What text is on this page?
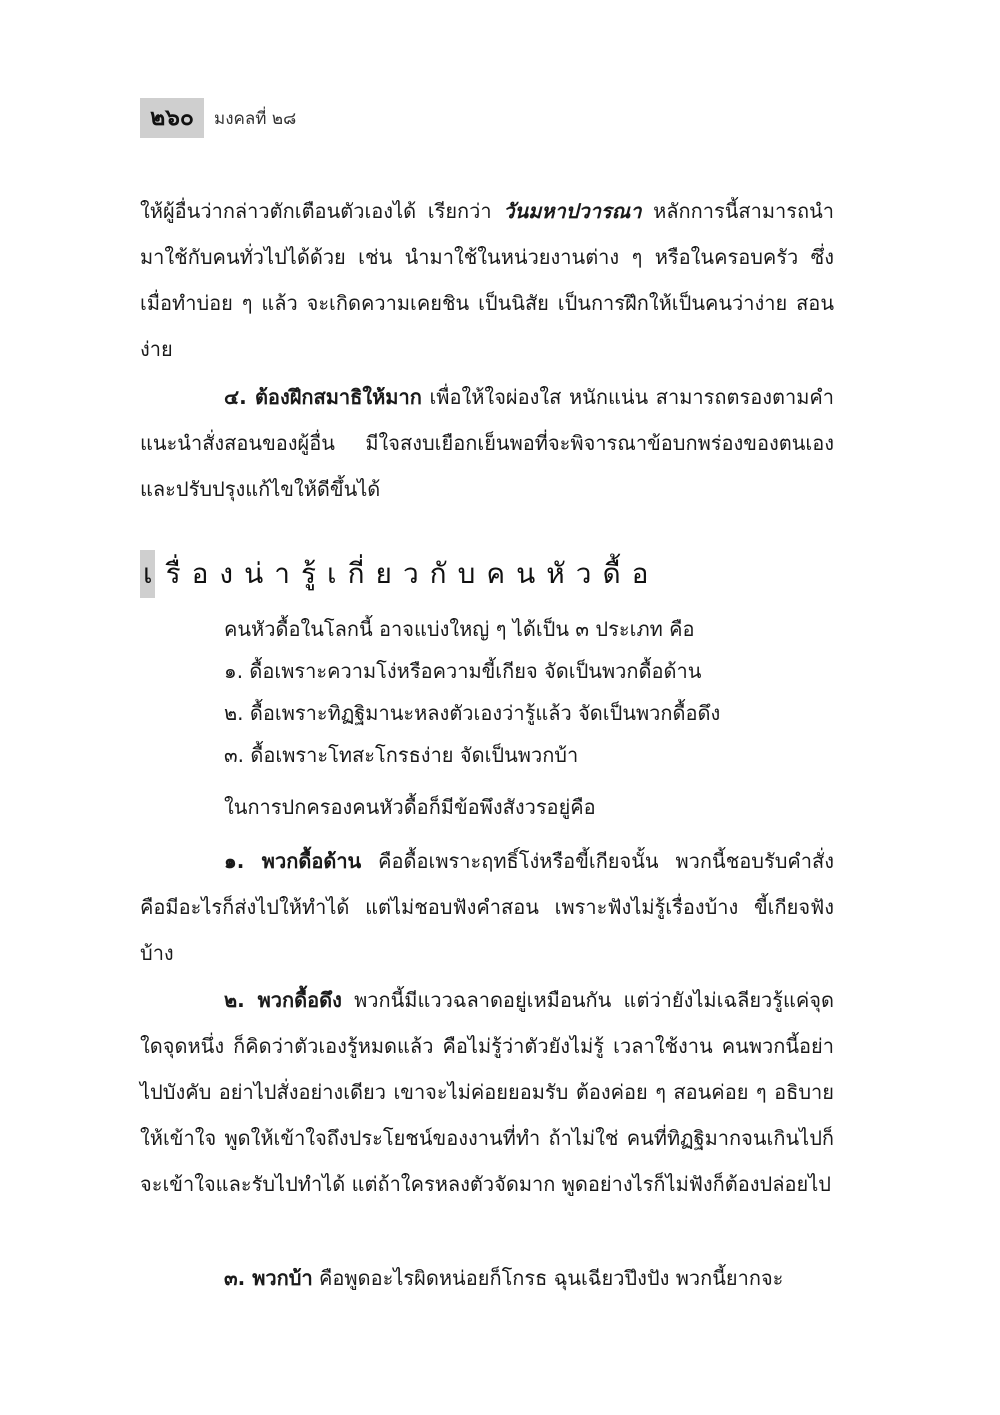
๒๖๐	มงคลที่ ๒๘

ให้ผู้อื่นว่ากล่าวตักเตือนตัวเองได้ เรียกว่า วันมหาปวารณา หลักการนี้สามารถนำมาใช้กับคนทั่วไปได้ด้วย เช่น นำมาใช้ในหน่วยงานต่าง ๆ หรือในครอบครัว ซึ่งเมื่อทำบ่อย ๆ แล้ว จะเกิดความเคยชิน เป็นนิสัย เป็นการฝึกให้เป็นคนว่าง่าย สอนง่าย

๔. ต้องฝึกสมาธิให้มาก เพื่อให้ใจผ่องใส หนักแน่น สามารถตรองตามคำแนะนำสั่งสอนของผู้อื่น มีใจสงบเยือกเย็นพอที่จะพิจารณาข้อบกพร่องของตนเอง และปรับปรุงแก้ไขให้ดีขึ้นได้

เ รื่องน่ารู้เกี่ยวกับคนหัวดื้อ
คนหัวดื้อในโลกนี้ อาจแบ่งใหญ่ ๆ ได้เป็น ๓ ประเภท คือ
๑. ดื้อเพราะความโง่หรือความขี้เกียจ จัดเป็นพวกดื้อด้าน
๒. ดื้อเพราะทิฏฐิมานะหลงตัวเองว่ารู้แล้ว จัดเป็นพวกดื้อดึง
๓. ดื้อเพราะโทสะโกรธง่าย จัดเป็นพวกบ้า
ในการปกครองคนหัวดื้อก็มีข้อพึงสังวรอยู่คือ

๑. พวกดื้อด้าน คือดื้อเพราะฤทธิ์โง่หรือขี้เกียจนั้น พวกนี้ชอบรับคำสั่ง คือมีอะไรก็ส่งไปให้ทำได้ แต่ไม่ชอบฟังคำสอน เพราะฟังไม่รู้เรื่องบ้าง ขี้เกียจฟังบ้าง

๒. พวกดื้อดึง พวกนี้มีแววฉลาดอยู่เหมือนกัน แต่ว่ายังไม่เฉลียวรู้แค่จุดใดจุดหนึ่ง ก็คิดว่าตัวเองรู้หมดแล้ว คือไม่รู้ว่าตัวยังไม่รู้ เวลาใช้งาน คนพวกนี้อย่าไปบังคับ อย่าไปสั่งอย่างเดียว เขาจะไม่ค่อยยอมรับ ต้องค่อย ๆ สอนค่อย ๆ อธิบายให้เข้าใจ พูดให้เข้าใจถึงประโยชน์ของงานที่ทำ ถ้าไม่ใช่ คนที่ทิฏฐิมากจนเกินไปก็จะเข้าใจและรับไปทำได้ แต่ถ้าใครหลงตัวจัดมาก พูดอย่างไรก็ไม่ฟังก็ต้องปล่อยไป

๓. พวกบ้า คือพูดอะไรผิดหน่อยก็โกรธ ฉุนเฉียวปึงปัง พวกนี้ยากจะ
